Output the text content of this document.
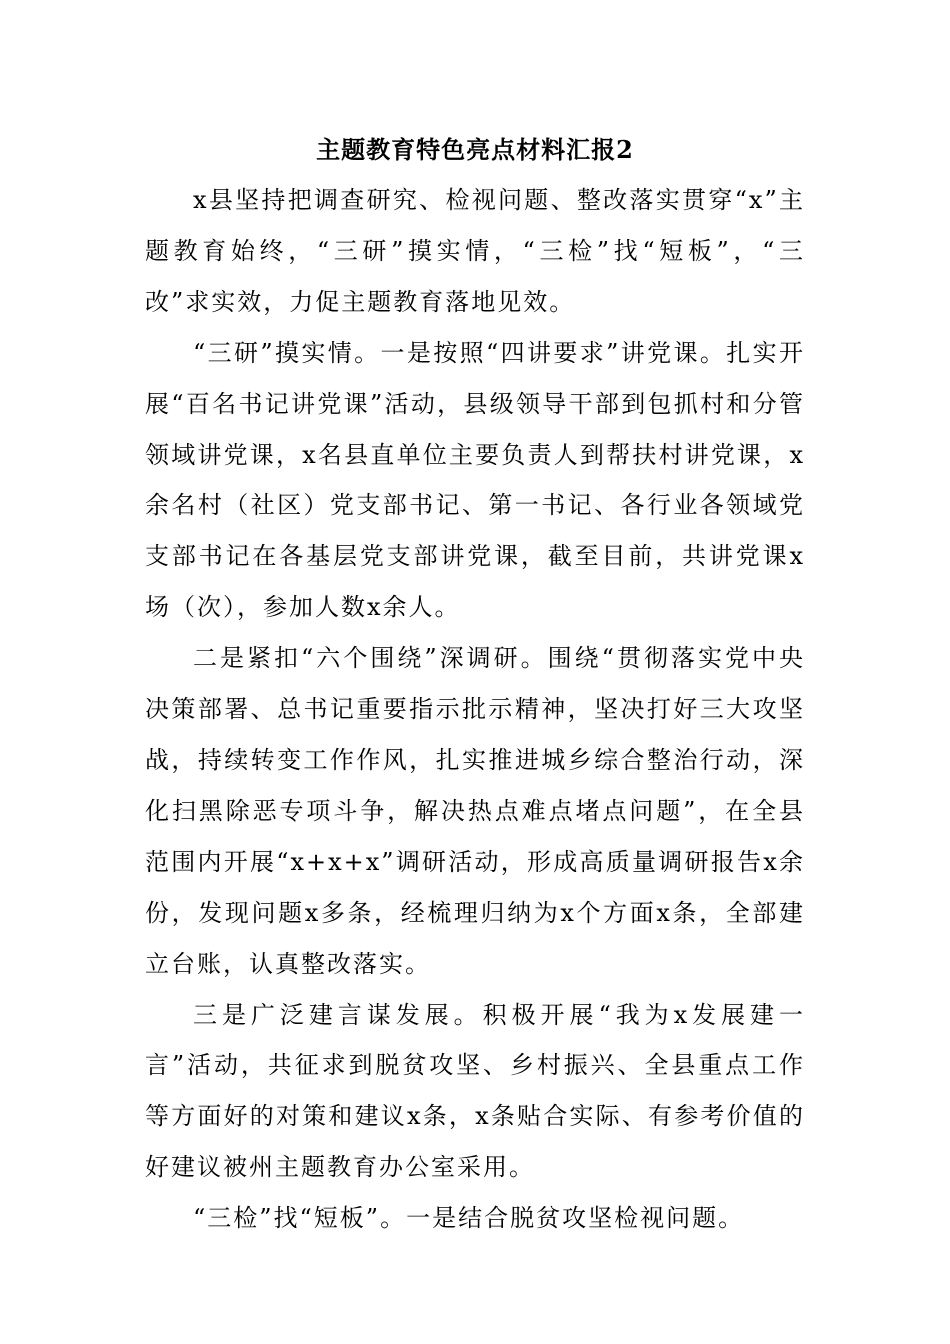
主题教育特色亮点材料汇报2

x县坚持把调查研究、检视问题、整改落实贯穿“x”主题教育始终，“三研”摸实情，“三检”找“短板”，“三改”求实效，力促主题教育落地见效。

“三研”摸实情。一是按照“四讲要求”讲党课。扎实开展“百名书记讲党课”活动，县级领导干部到包抓村和分管领域讲党课，x名县直单位主要负责人到帮扶村讲党课，x余名村（社区）党支部书记、第一书记、各行业各领域党支部书记在各基层党支部讲党课，截至目前，共讲党课x场（次），参加人数x余人。

二是紧扣“六个围绕”深调研。围绕“贯彻落实党中央决策部署、总书记重要指示批示精神，坚决打好三大攻坚战，持续转变工作作风，扎实推进城乡综合整治行动，深化扫黑除恶专项斗争，解决热点难点堵点问题”，在全县范围内开展“x+x+x”调研活动，形成高质量调研报告x余份，发现问题x多条，经梳理归纳为x个方面x条，全部建立台账，认真整改落实。

三是广泛建言谋发展。积极开展“我为x发展建一言”活动，共征求到脱贫攻坚、乡村振兴、全县重点工作等方面好的对策和建议x条，x条贴合实际、有参考价值的好建议被州主题教育办公室采用。

“三检”找“短板”。一是结合脱贫攻坚检视问题。
